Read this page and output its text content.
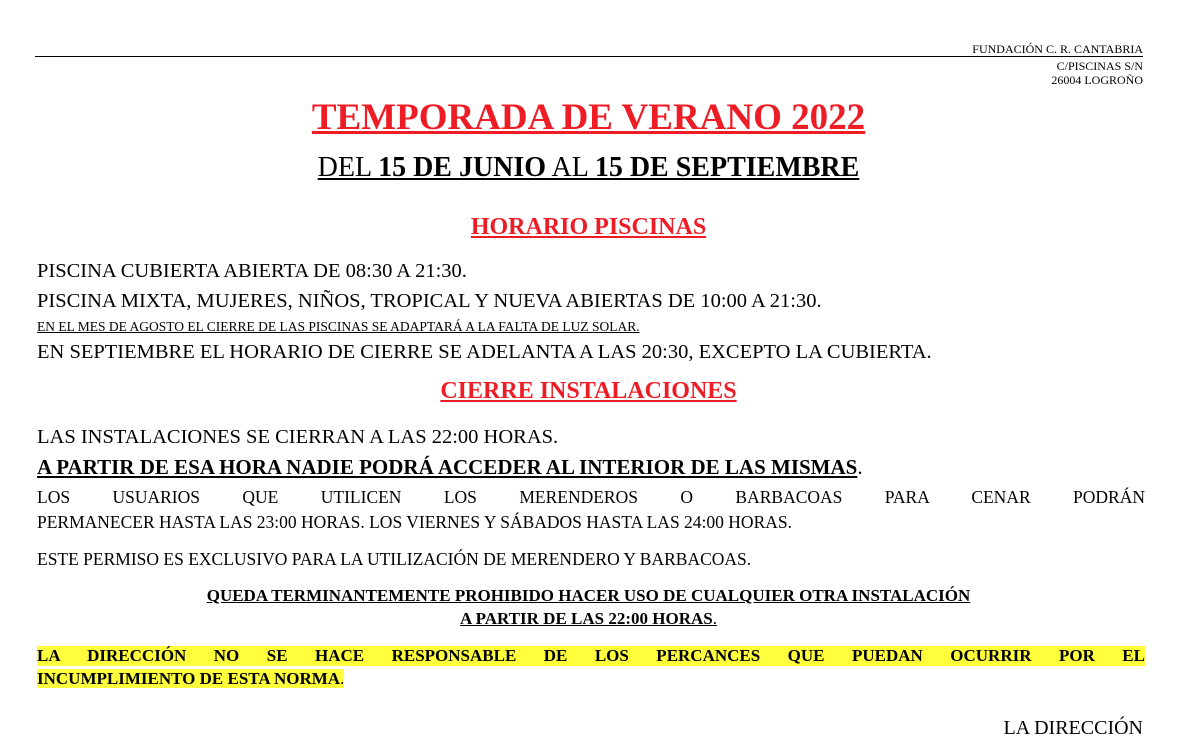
FUNDACIÓN C. R. CANTABRIA
C/PISCINAS S/N
26004 LOGROÑO
TEMPORADA DE VERANO 2022
DEL 15 DE JUNIO AL 15 DE SEPTIEMBRE
HORARIO PISCINAS
PISCINA CUBIERTA ABIERTA DE 08:30 A 21:30.
PISCINA MIXTA, MUJERES, NIÑOS, TROPICAL Y NUEVA ABIERTAS DE 10:00 A 21:30.
EN EL MES DE AGOSTO EL CIERRE DE LAS PISCINAS SE ADAPTARÁ A LA FALTA DE LUZ SOLAR.
EN SEPTIEMBRE EL HORARIO DE CIERRE SE ADELANTA A LAS 20:30, EXCEPTO LA CUBIERTA.
CIERRE INSTALACIONES
LAS INSTALACIONES SE CIERRAN A LAS 22:00 HORAS.
A PARTIR DE ESA HORA NADIE PODRÁ ACCEDER AL INTERIOR DE LAS MISMAS.
LOS USUARIOS QUE UTILICEN LOS MERENDEROS O BARBACOAS PARA CENAR PODRÁN
PERMANECER HASTA LAS 23:00 HORAS. LOS VIERNES Y SÁBADOS HASTA LAS 24:00 HORAS.
ESTE PERMISO ES EXCLUSIVO PARA LA UTILIZACIÓN DE MERENDERO Y BARBACOAS.
QUEDA TERMINANTEMENTE PROHIBIDO HACER USO DE CUALQUIER OTRA INSTALACIÓN
A PARTIR DE LAS 22:00 HORAS.
LA DIRECCIÓN NO SE HACE RESPONSABLE DE LOS PERCANCES QUE PUEDAN OCURRIR POR EL
INCUMPLIMIENTO DE ESTA NORMA.
LA DIRECCIÓN
